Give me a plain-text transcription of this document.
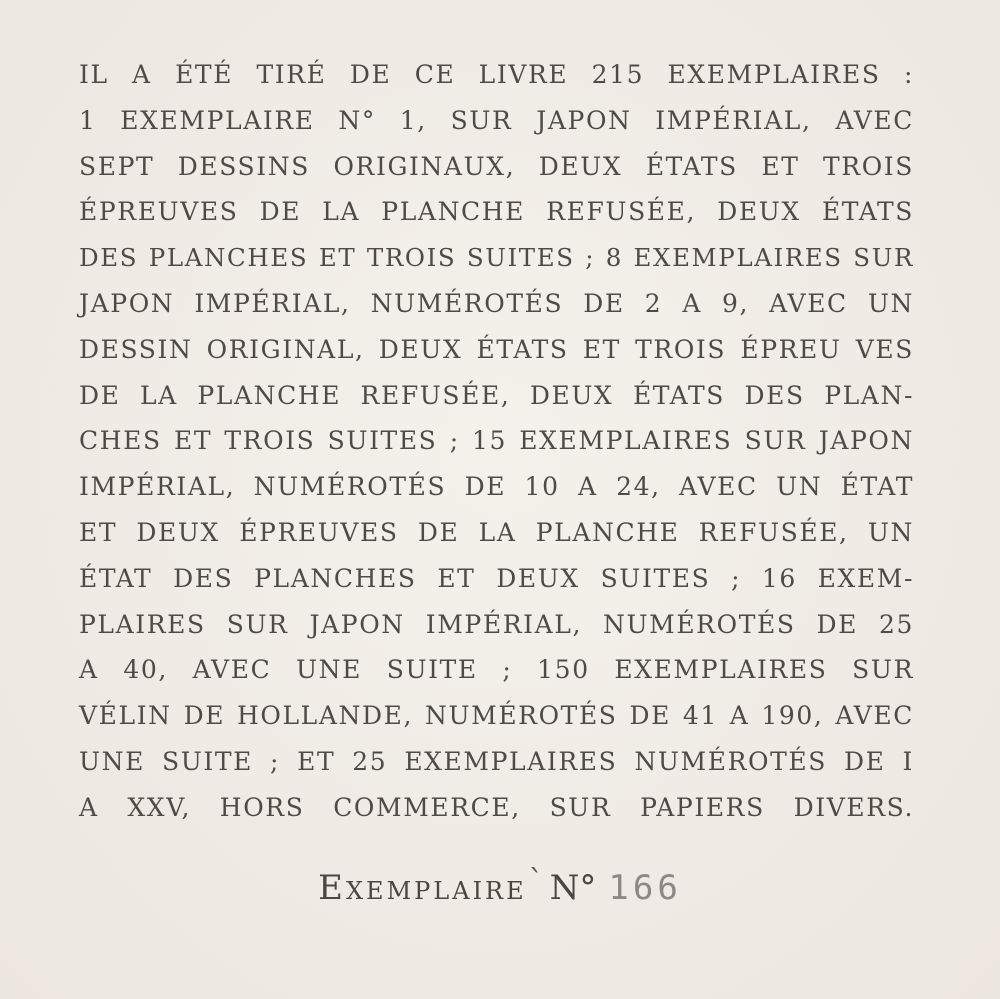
IL A ÉTÉ TIRÉ DE CE LIVRE 215 EXEMPLAIRES :
1 EXEMPLAIRE N° 1, SUR JAPON IMPÉRIAL, AVEC
SEPT DESSINS ORIGINAUX, DEUX ÉTATS ET TROIS
ÉPREUVES DE LA PLANCHE REFUSÉE, DEUX ÉTATS
DES PLANCHES ET TROIS SUITES ; 8 EXEMPLAIRES SUR
JAPON IMPÉRIAL, NUMÉROTÉS DE 2 A 9, AVEC UN
DESSIN ORIGINAL, DEUX ÉTATS ET TROIS ÉPREU VES
DE LA PLANCHE REFUSÉE, DEUX ÉTATS DES PLAN-
CHES ET TROIS SUITES ; 15 EXEMPLAIRES SUR JAPON
IMPÉRIAL, NUMÉROTÉS DE 10 A 24, AVEC UN ÉTAT
ET DEUX ÉPREUVES DE LA PLANCHE REFUSÉE, UN
ÉTAT DES PLANCHES ET DEUX SUITES ; 16 EXEM-
PLAIRES SUR JAPON IMPÉRIAL, NUMÉROTÉS DE 25
A 40, AVEC UNE SUITE ; 150 EXEMPLAIRES SUR
VÉLIN DE HOLLANDE, NUMÉROTÉS DE 41 A 190, AVEC
UNE SUITE ; ET 25 EXEMPLAIRES NUMÉROTÉS DE I
A XXV, HORS COMMERCE, SUR PAPIERS DIVERS.
Exemplaire` N° 166
